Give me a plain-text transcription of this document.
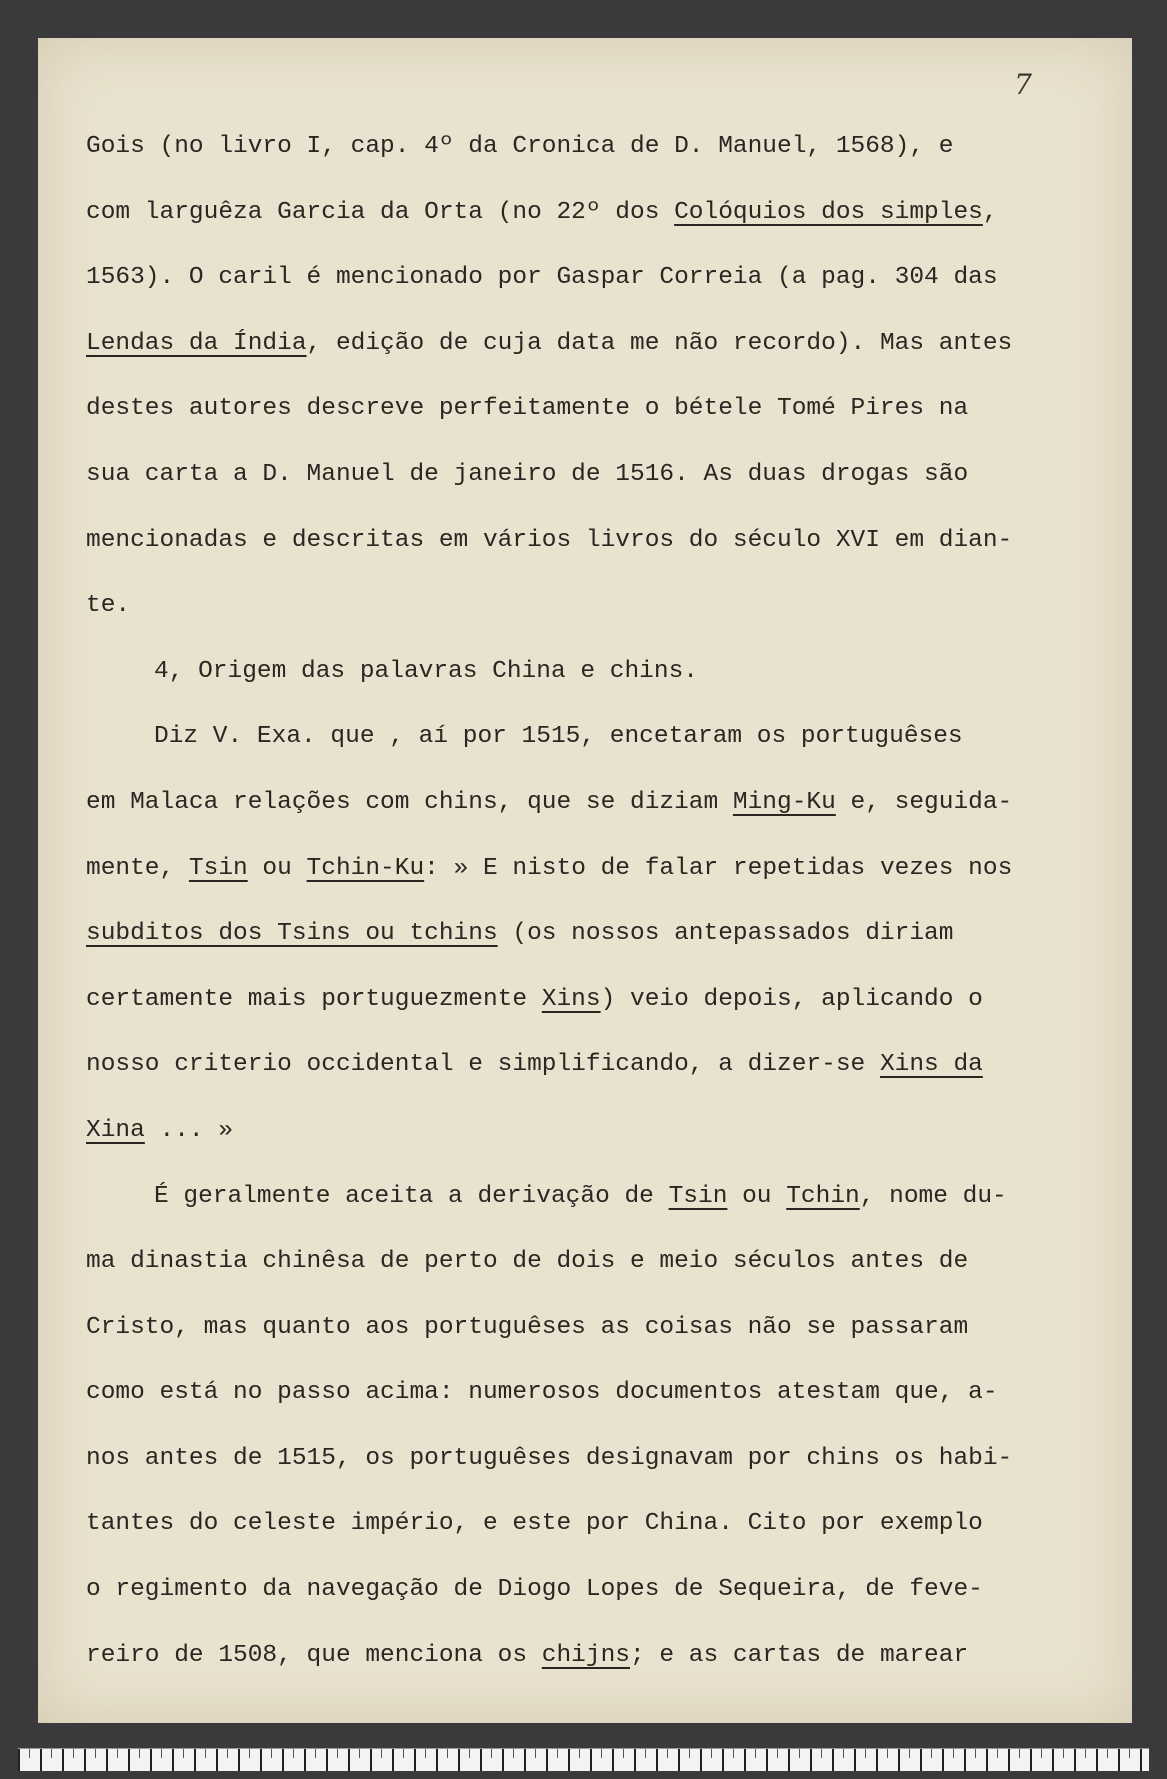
7
Gois (no livro I, cap. 4º da Cronica de D. Manuel, 1568), e
com larguêza Garcia da Orta (no 22º dos Colóquios dos simples,
1563). O caril é mencionado por Gaspar Correia (a pag. 304 das
Lendas da Índia, edição de cuja data me não recordo). Mas antes
destes autores descreve perfeitamente o bétele Tomé Pires na
sua carta a D. Manuel de janeiro de 1516. As duas drogas são
mencionadas e descritas em vários livros do século XVI em dian-
te.
4, Origem das palavras China e chins.
Diz V. Exa. que , aí por 1515, encetaram os portuguêses
em Malaca relações com chins, que se diziam Ming-Ku e, seguida-
mente, Tsin ou Tchin-Ku: » E nisto de falar repetidas vezes nos
subditos dos Tsins ou tchins (os nossos antepassados diriam
certamente mais portuguezmente Xins) veio depois, aplicando o
nosso criterio occidental e simplificando, a dizer-se Xins da
Xina ... »
É geralmente aceita a derivação de Tsin ou Tchin, nome du-
ma dinastia chinêsa de perto de dois e meio séculos antes de
Cristo, mas quanto aos portuguêses as coisas não se passaram
como está no passo acima: numerosos documentos atestam que, a-
nos antes de 1515, os portuguêses designavam por chins os habi-
tantes do celeste império, e este por China. Cito por exemplo
o regimento da navegação de Diogo Lopes de Sequeira, de feve-
reiro de 1508, que menciona os chijns; e as cartas de marear
